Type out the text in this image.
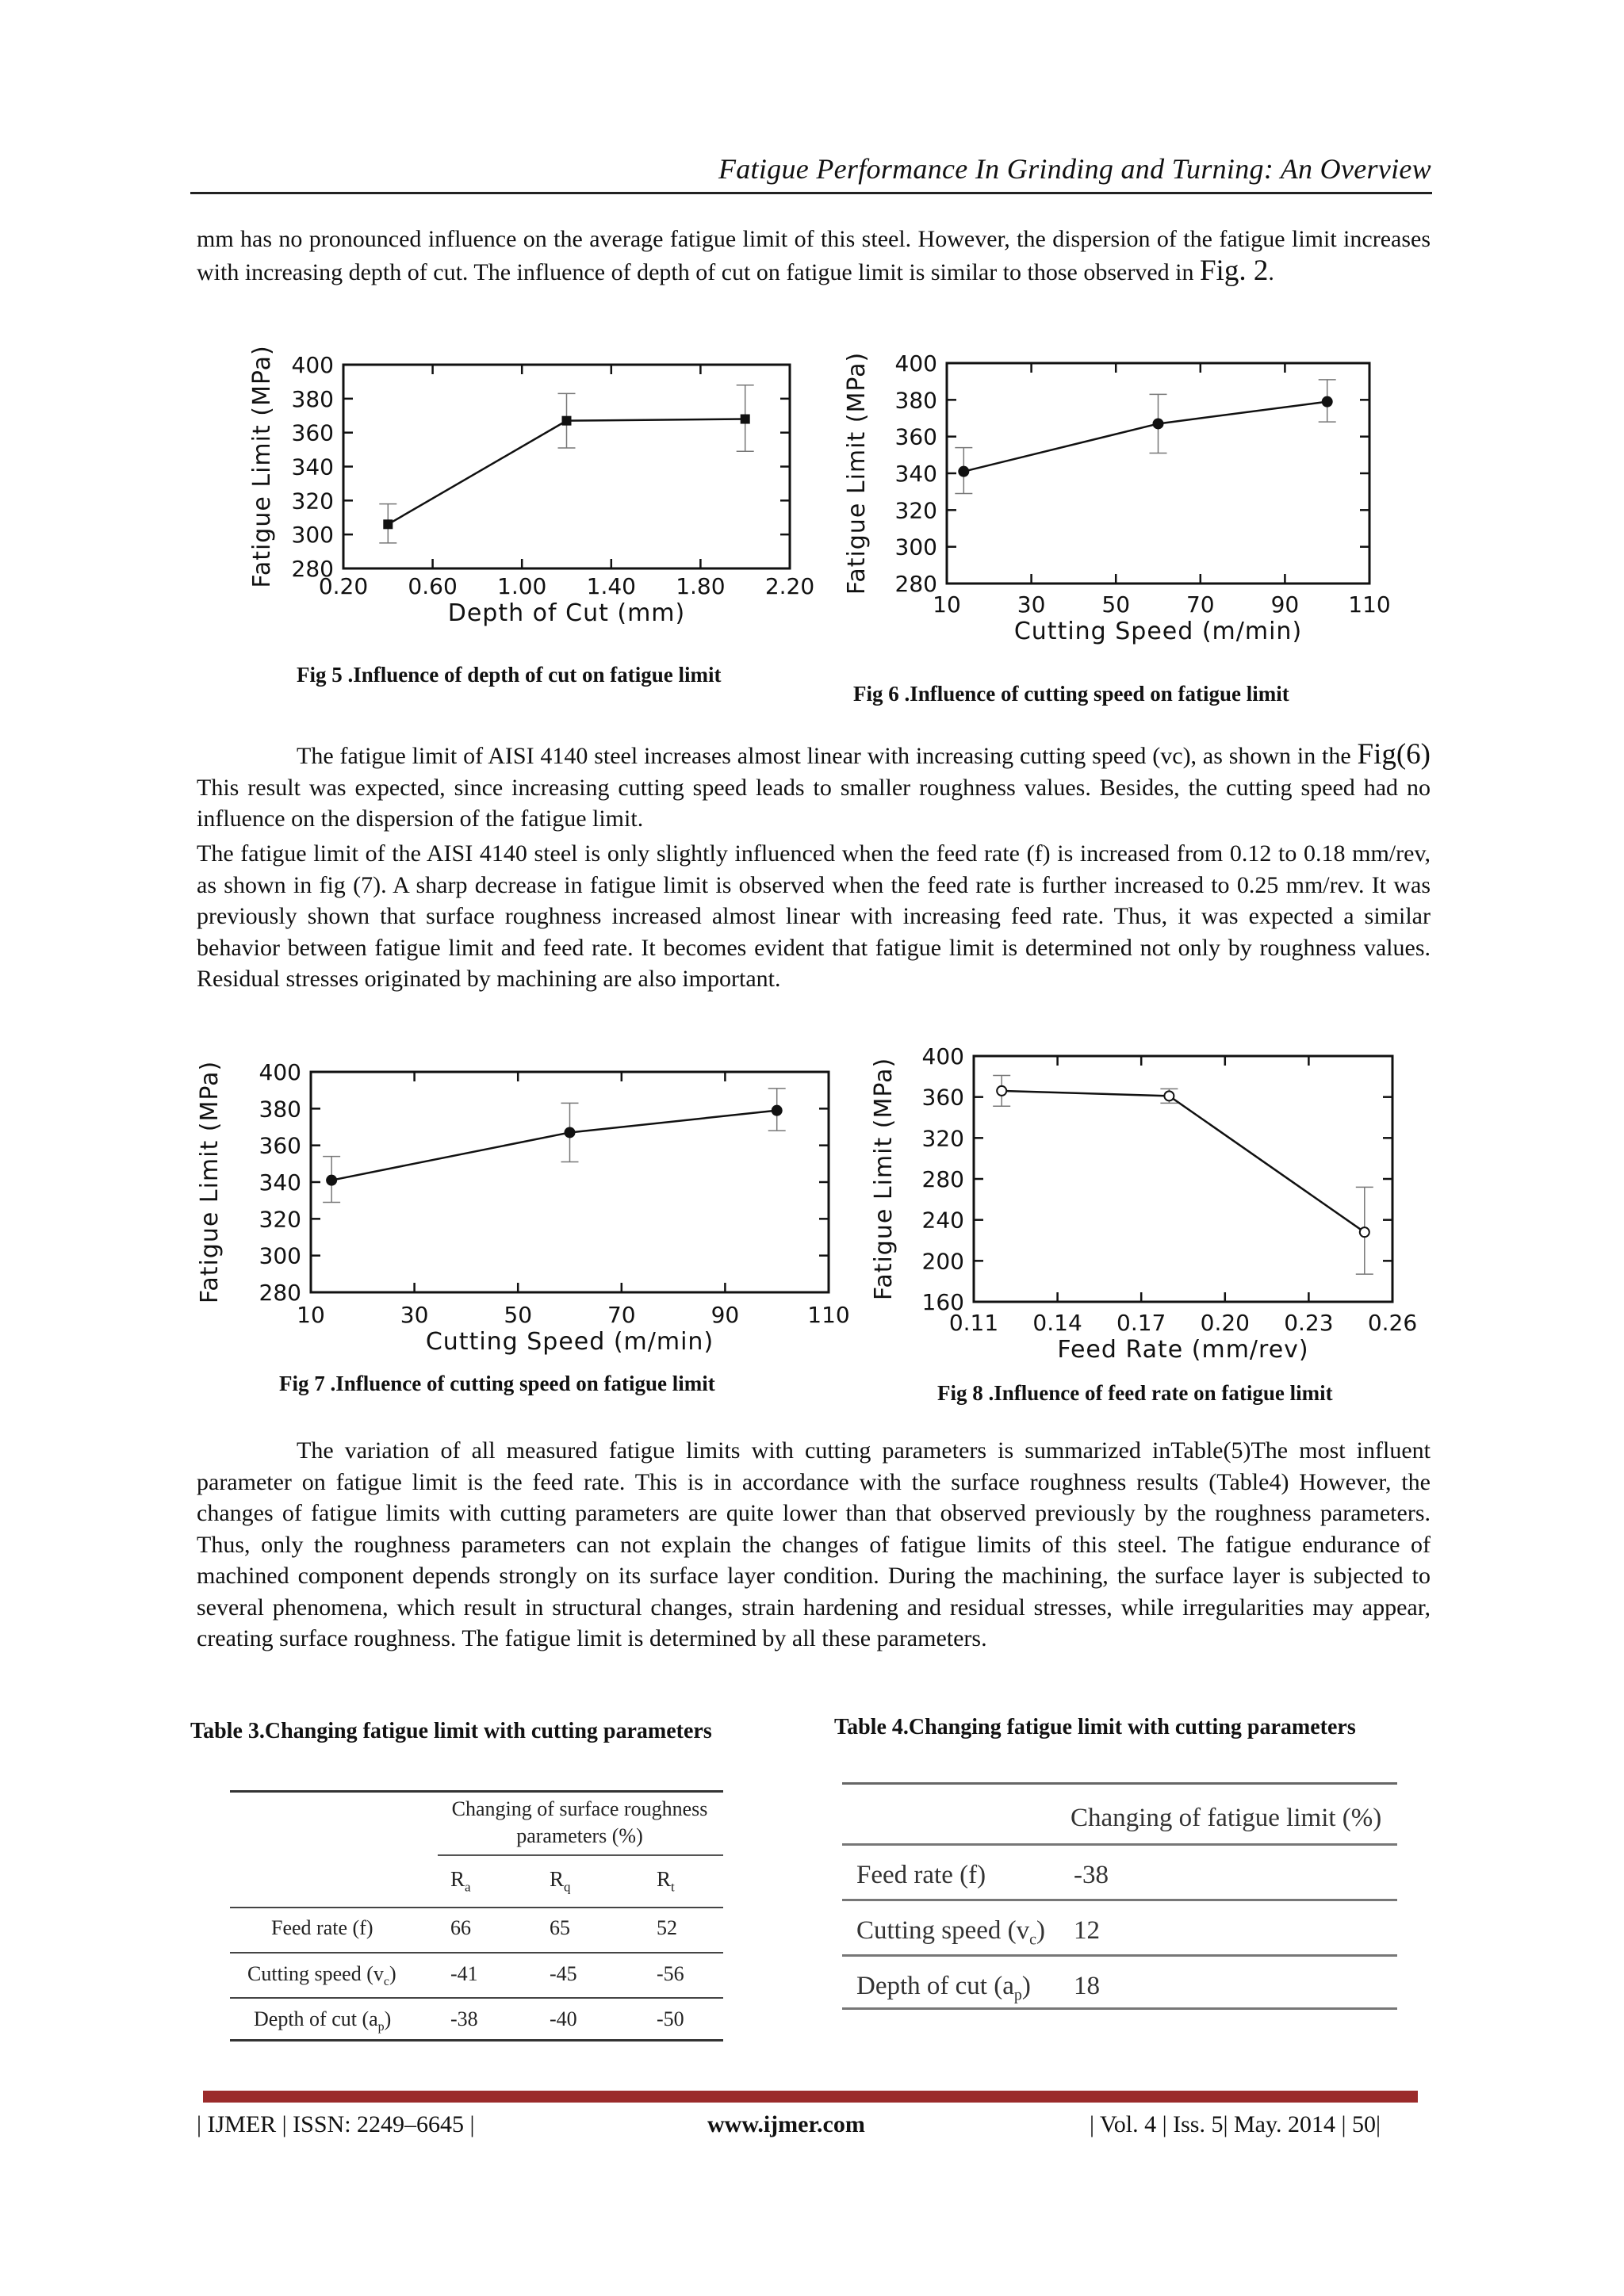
Fatigue Performance In Grinding and Turning: An Overview
mm has no pronounced influence on the average fatigue limit of this steel. However, the dispersion of the fatigue limit increases with increasing depth of cut. The influence of depth of cut on fatigue limit is similar to those observed in Fig. 2.
280
300
320
340
360
380
400
0.20 0.60 1.00 1.40 1.80 2.20
Depth of Cut (mm)
Fatigue Limit (MPa)
Fig 5 .Influence of depth of cut on fatigue limit
280
300
320
340
360
380
400
10	30	50	70	90 110
Cutting Speed (m/min)
Fatigue Limit (MPa)
Fig 6 .Influence of cutting speed on fatigue limit
The fatigue limit of AISI 4140 steel increases almost linear with increasing cutting speed (vc), as shown in the Fig(6) This result was expected, since increasing cutting speed leads to smaller roughness values. Besides, the cutting speed had no influence on the dispersion of the fatigue limit.
The fatigue limit of the AISI 4140 steel is only slightly influenced when the feed rate (f) is increased from 0.12 to 0.18 mm/rev, as shown in fig (7). A sharp decrease in fatigue limit is observed when the feed rate is further increased to 0.25 mm/rev. It was previously shown that surface roughness increased almost linear with increasing feed rate. Thus, it was expected a similar behavior between fatigue limit and feed rate. It becomes evident that fatigue limit is determined not only by roughness values. Residual stresses originated by machining are also important.
280
300
320
340
360
380
400
10	30	50	70	90	110
Cutting Speed (m/min)
Fatigue Limit (MPa)
Fig 7 .Influence of cutting speed on fatigue limit
160
200
240
280
320
360
400
0.11 0.14 0.17 0.20 0.23 0.26
Feed Rate (mm/rev)
Fatigue Limit (MPa)
Fig 8 .Influence of feed rate on fatigue limit
The variation of all measured fatigue limits with cutting parameters is summarized inTable(5)The most influent parameter on fatigue limit is the feed rate. This is in accordance with the surface roughness results (Table4) However, the changes of fatigue limits with cutting parameters are quite lower than that observed previously by the roughness parameters. Thus, only the roughness parameters can not explain the changes of fatigue limits of this steel. The fatigue endurance of machined component depends strongly on its surface layer condition. During the machining, the surface layer is subjected to several phenomena, which result in structural changes, strain hardening and residual stresses, while irregularities may appear, creating surface roughness. The fatigue limit is determined by all these parameters.
Table 3.Changing fatigue limit with cutting parameters	Table 4.Changing fatigue limit with cutting parameters
Changing of surface roughness
parameters (%)
$R_a$	$R_q$	$R_t$
Feed rate (f)	66	65	52
Cutting speed $(v_c)$	-41	-45	-56
Depth of cut $(a_p)$	-38	-40	-50
Changing of fatigue limit (%)
Feed rate (f)	-38
Cutting speed $(v_c)$ 12
Depth of cut $(a_p)$ 18
| IJMER | ISSN: 2249–6645 |	www.ijmer.com	| Vol. 4 | Iss. 5| May. 2014 | 50|
